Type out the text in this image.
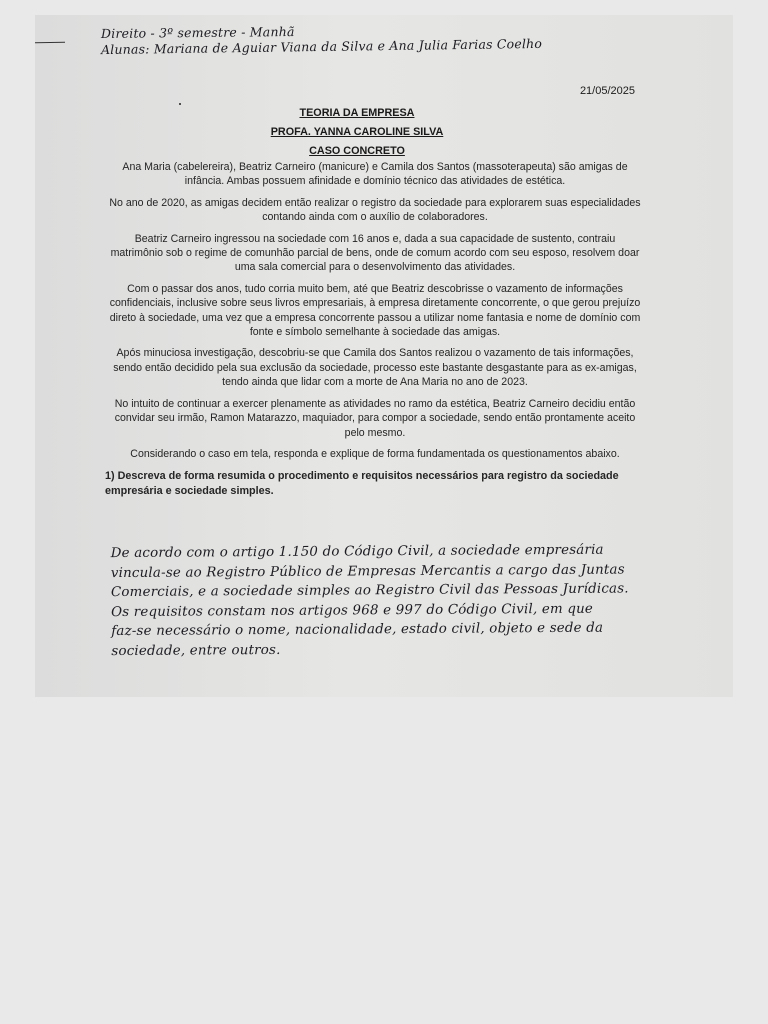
Direito - 3º semestre - Manhã
Alunas: Mariana de Aguiar Viana da Silva e Ana Julia Farias Coelho
21/05/2025
TEORIA DA EMPRESA
PROFA. YANNA CAROLINE SILVA
CASO CONCRETO

Ana Maria (cabelereira), Beatriz Carneiro (manicure) e Camila dos Santos (massoterapeuta) são amigas de infância. Ambas possuem afinidade e domínio técnico das atividades de estética.

No ano de 2020, as amigas decidem então realizar o registro da sociedade para explorarem suas especialidades contando ainda com o auxílio de colaboradores.

Beatriz Carneiro ingressou na sociedade com 16 anos e, dada a sua capacidade de sustento, contraiu matrimônio sob o regime de comunhão parcial de bens, onde de comum acordo com seu esposo, resolvem doar uma sala comercial para o desenvolvimento das atividades.

Com o passar dos anos, tudo corria muito bem, até que Beatriz descobrisse o vazamento de informações confidenciais, inclusive sobre seus livros empresariais, à empresa diretamente concorrente, o que gerou prejuízo direto à sociedade, uma vez que a empresa concorrente passou a utilizar nome fantasia e nome de domínio com fonte e símbolo semelhante à sociedade das amigas.

Após minuciosa investigação, descobriu-se que Camila dos Santos realizou o vazamento de tais informações, sendo então decidido pela sua exclusão da sociedade, processo este bastante desgastante para as ex-amigas, tendo ainda que lidar com a morte de Ana Maria no ano de 2023.

No intuito de continuar a exercer plenamente as atividades no ramo da estética, Beatriz Carneiro decidiu então convidar seu irmão, Ramon Matarazzo, maquiador, para compor a sociedade, sendo então prontamente aceito pelo mesmo.

Considerando o caso em tela, responda e explique de forma fundamentada os questionamentos abaixo.

1) Descreva de forma resumida o procedimento e requisitos necessários para registro da sociedade empresária e sociedade simples.

De acordo com o artigo 1.150 do Código Civil, a sociedade empresária
vincula-se ao Registro Público de Empresas Mercantis a cargo das Juntas
Comerciais, e a sociedade simples ao Registro Civil das Pessoas Jurídicas.
Os requisitos constam nos artigos 968 e 997 do Código Civil, em que
faz-se necessário o nome, nacionalidade, estado civil, objeto e sede da
sociedade, entre outros.
